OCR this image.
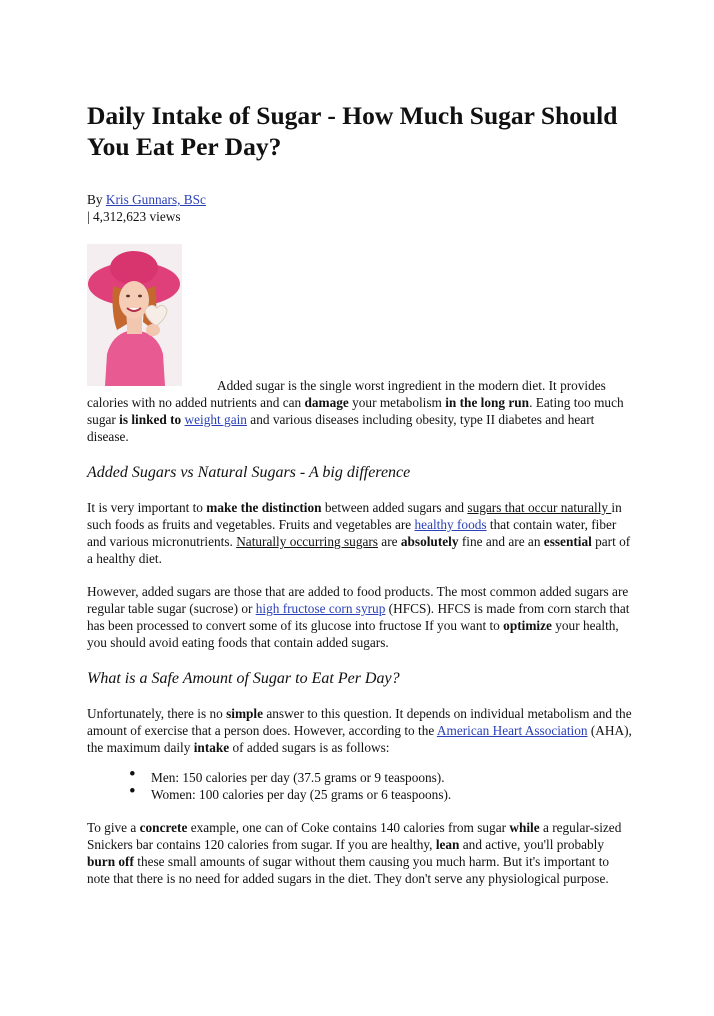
Daily Intake of Sugar - How Much Sugar Should You Eat Per Day?
By Kris Gunnars, BSc
| 4,312,623 views
Added sugar is the single worst ingredient in the modern diet. It provides calories with no added nutrients and can damage your metabolism in the long run. Eating too much sugar is linked to weight gain and various diseases including obesity, type II diabetes and heart disease.
Added Sugars vs Natural Sugars - A big difference

It is very important to make the distinction between added sugars and sugars that occur naturally in such foods as fruits and vegetables. Fruits and vegetables are healthy foods that contain water, fiber and various micronutrients. Naturally occurring sugars are absolutely fine and are an essential part of a healthy diet.

However, added sugars are those that are added to food products. The most common added sugars are regular table sugar (sucrose) or high fructose corn syrup (HFCS). HFCS is made from corn starch that has been processed to convert some of its glucose into fructose If you want to optimize your health, you should avoid eating foods that contain added sugars.

What is a Safe Amount of Sugar to Eat Per Day?

Unfortunately, there is no simple answer to this question. It depends on individual metabolism and the amount of exercise that a person does. However, according to the American Heart Association (AHA), the maximum daily intake of added sugars is as follows:

• Men: 150 calories per day (37.5 grams or 9 teaspoons).
• Women: 100 calories per day (25 grams or 6 teaspoons).

To give a concrete example, one can of Coke contains 140 calories from sugar while a regular-sized Snickers bar contains 120 calories from sugar. If you are healthy, lean and active, you'll probably burn off these small amounts of sugar without them causing you much harm. But it's important to note that there is no need for added sugars in the diet. They don't serve any physiological purpose.
